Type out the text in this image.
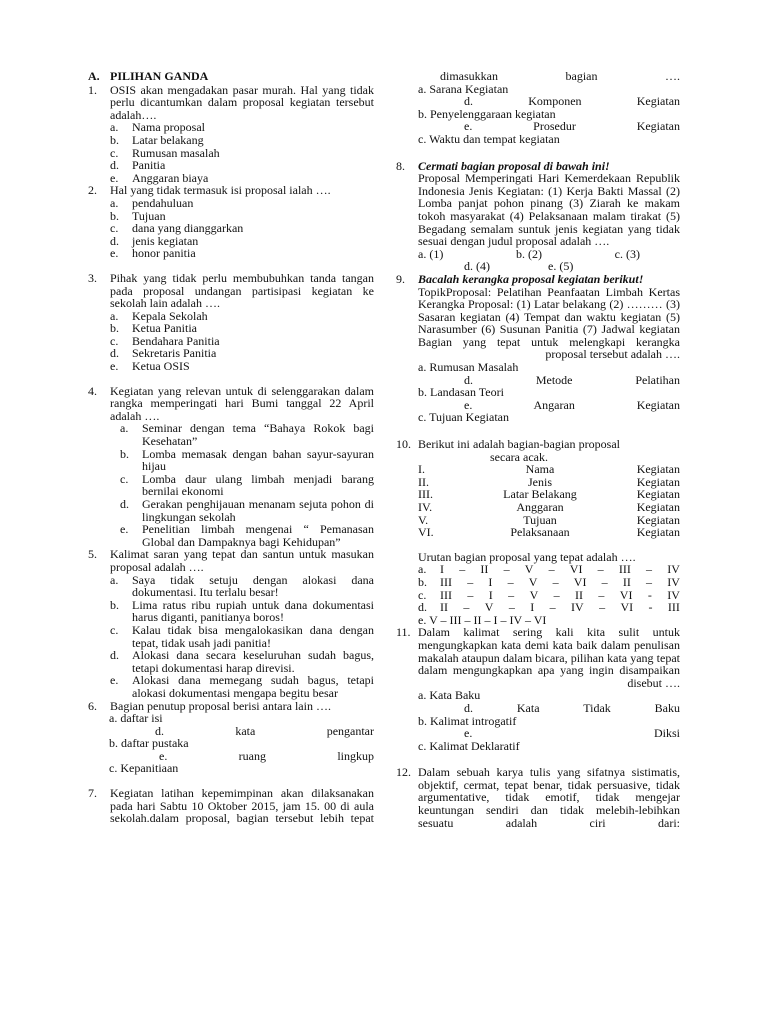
A. PILIHAN GANDA
1.	OSIS akan mengadakan pasar murah. Hal yang tidak perlu dicantumkan dalam proposal kegiatan tersebut adalah….
a.	Nama proposal
b.	Latar belakang
c.	Rumusan masalah
d.	Panitia
e.	Anggaran biaya
2.	Hal yang tidak termasuk isi proposal ialah ….
a.	pendahuluan
b.	Tujuan
c.	dana yang dianggarkan
d.	jenis kegiatan
e.	honor panitia
3.	Pihak yang tidak perlu membubuhkan tanda tangan pada proposal undangan partisipasi kegiatan ke sekolah lain adalah ….
a.	Kepala Sekolah
b.	Ketua Panitia
c.	Bendahara Panitia
d.	Sekretaris Panitia
e.	Ketua OSIS
4.	Kegiatan yang relevan untuk di selenggarakan dalam rangka memperingati hari Bumi tanggal 22 April adalah ….
a.	Seminar dengan tema “Bahaya Rokok bagi Kesehatan”
b.	Lomba memasak dengan bahan sayur-sayuran hijau
c.	Lomba daur ulang limbah menjadi barang bernilai ekonomi
d.	Gerakan penghijauan menanam sejuta pohon di lingkungan sekolah
e.	Penelitian limbah mengenai “ Pemanasan Global dan Dampaknya bagi Kehidupan”
5.	Kalimat saran yang tepat dan santun untuk masukan proposal adalah ….
a.	Saya tidak setuju dengan alokasi dana dokumentasi. Itu terlalu besar!
b.	Lima ratus ribu rupiah untuk dana dokumentasi harus diganti, panitianya boros!
c.	Kalau tidak bisa mengalokasikan dana dengan tepat, tidak usah jadi panitia!
d.	Alokasi dana secara keseluruhan sudah bagus, tetapi dokumentasi harap direvisi.
e.	Alokasi dana memegang sudah bagus, tetapi alokasi dokumentasi mengapa begitu besar
6.	Bagian penutup proposal berisi antara lain ….
a. daftar isi
d.	kata	pengantar
b. daftar pustaka
e.	ruang	lingkup
c. Kepanitiaan
7.	Kegiatan latihan kepemimpinan akan dilaksanakan pada hari Sabtu 10 Oktober 2015, jam 15. 00 di aula sekolah.dalam proposal, bagian tersebut lebih tepat
dimasukkan	bagian	….
a. Sarana Kegiatan
d.	Komponen	Kegiatan
b. Penyelenggaraan kegiatan
e.	Prosedur	Kegiatan
c. Waktu dan tempat kegiatan
8. Cermati bagian proposal di bawah ini!
Proposal Memperingati Hari Kemerdekaan Republik Indonesia Jenis Kegiatan: (1) Kerja Bakti Massal (2) Lomba panjat pohon pinang (3) Ziarah ke makam tokoh masyarakat (4) Pelaksanaan malam tirakat (5) Begadang semalam suntuk jenis kegiatan yang tidak sesuai dengan judul proposal adalah ….
a. (1)	b. (2)	c. (3)
d. (4)	e. (5)
9. Bacalah kerangka proposal kegiatan berikut!
TopikProposal: Pelatihan Peanfaatan Limbah Kertas Kerangka Proposal: (1) Latar belakang (2) ……… (3) Sasaran kegiatan (4) Tempat dan waktu kegiatan (5) Narasumber (6) Susunan Panitia (7) Jadwal kegiatan Bagian yang tepat untuk melengkapi kerangka proposal tersebut adalah ….
a. Rumusan Masalah
d.	Metode	Pelatihan
b. Landasan Teori
e.	Angaran	Kegiatan
c. Tujuan Kegiatan
10. Berikut ini adalah bagian-bagian proposal secara acak.
I.	Nama	Kegiatan
II.	Jenis	Kegiatan
III.	Latar Belakang	Kegiatan
IV.	Anggaran	Kegiatan
V.	Tujuan	Kegiatan
VI.	Pelaksanaan	Kegiatan
Urutan bagian proposal yang tepat adalah ….
a.	I – II – V – VI – III – IV
b.	III – I – V – VI – II – IV
c.	III – I – V – II – VI - IV
d.	II – V – I – IV – VI - III
e. V – III – II – I – IV – VI
11. Dalam kalimat sering kali kita sulit untuk mengungkapkan kata demi kata baik dalam penulisan makalah ataupun dalam bicara, pilihan kata yang tepat dalam mengungkapkan apa yang ingin disampaikan disebut ….
a. Kata Baku
d.	Kata	Tidak	Baku
b. Kalimat introgatif
e.	Diksi
c. Kalimat Deklaratif
12. Dalam sebuah karya tulis yang sifatnya sistimatis, objektif, cermat, tepat benar, tidak persuasive, tidak argumentative, tidak emotif, tidak mengejar keuntungan sendiri dan tidak melebih-lebihkan sesuatu adalah ciri dari:
